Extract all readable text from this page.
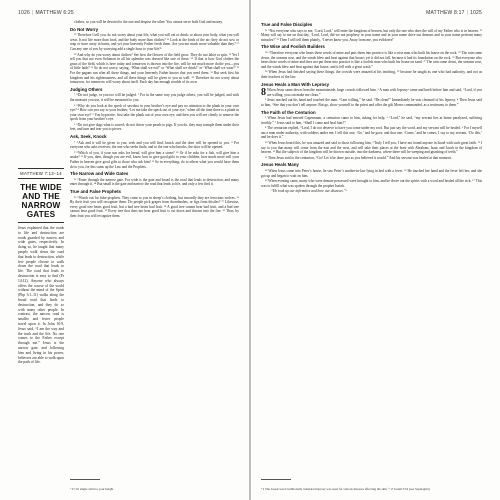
1026 | MATTHEW 6:25
MATTHEW 7:13–14
THE WIDE AND THE NARROW GATES
Jesus explained that the roads to life and destruction are roads guarded by narrow and wide gates, respectively. In doing so, he taught that many people walk down the road that leads to destruction, while few people choose to walk down the road that leads to life. The road that leads to destruction is easy to find (Pr 14:12). Anyone who always offers the course of the world without the mind of the Spirit (Php 3:1–11) walks along the broad road that leads to destruction, and they do so with many other people. In contrast, the narrow road is smaller and fewer people travel upon it. In John 10:9, Jesus said, “I am the way and the truth and the life. No one comes to the Father except through me.” Jesus is the narrow gate, and following him and living in his power, believers are able to walk upon the path of life.

clothes, so you will be devoted to the one and despise the other. You cannot serve both God and money.

Do Not Worry

²⁵ Therefore I tell you, do not worry about your life, what you will eat or drink; or about your body, what you will wear. Is not life more than food, and the body more than clothes? ²⁶ Look at the birds of the air; they do not sow or reap or store away in barns, and yet your heavenly Father feeds them. Are you not much more valuable than they? ²⁷ Can any one of you by worrying add a single hour to your life?ᵃ

²⁸ And why do you worry about clothes? See how the flowers of the field grow. They do not labor or spin. ²⁹ Yet I tell you that not even Solomon in all his splendor was dressed like one of these. ³⁰ If that is how God clothes the grass of the field, which is here today and tomorrow is thrown into the fire, will he not much more clothe you—you of little faith? ³¹ So do not worry, saying, ‘What shall we eat?’ or ‘What shall we drink?’ or ‘What shall we wear?’ ³² For the pagans run after all these things, and your heavenly Father knows that you need them. ³³ But seek first his kingdom and his righteousness, and all these things will be given to you as well. ³⁴ Therefore do not worry about tomorrow, for tomorrow will worry about itself. Each day has enough trouble of its own.

Judging Others

⁷ “Do not judge, or you too will be judged. ² For in the same way you judge others, you will be judged, and with the measure you use, it will be measured to you.

³ “Why do you look at the speck of sawdust in your brother’s eye and pay no attention to the plank in your own eye? ⁴ How can you say to your brother, ‘Let me take the speck out of your eye,’ when all the time there is a plank in your own eye? ⁵ You hypocrite, first take the plank out of your own eye, and then you will see clearly to remove the speck from your brother’s eye.

⁶ “Do not give dogs what is sacred; do not throw your pearls to pigs. If you do, they may trample them under their feet, and turn and tear you to pieces.

Ask, Seek, Knock

⁷ “Ask and it will be given to you; seek and you will find; knock and the door will be opened to you. ⁸ For everyone who asks receives; the one who seeks finds; and to the one who knocks, the door will be opened.

⁹ “Which of you, if your son asks for bread, will give him a stone? ¹⁰ Or if he asks for a fish, will give him a snake? ¹¹ If you, then, though you are evil, know how to give good gifts to your children, how much more will your Father in heaven give good gifts to those who ask him! ¹² So in everything, do to others what you would have them do to you, for this sums up the Law and the Prophets.

The Narrow and Wide Gates

¹³ “Enter through the narrow gate. For wide is the gate and broad is the road that leads to destruction, and many enter through it. ¹⁴ But small is the gate and narrow the road that leads to life, and only a few find it.

True and False Prophets

¹⁵ “Watch out for false prophets. They come to you in sheep’s clothing, but inwardly they are ferocious wolves. ¹⁶ By their fruit you will recognize them. Do people pick grapes from thornbushes, or figs from thistles? ¹⁷ Likewise, every good tree bears good fruit, but a bad tree bears bad fruit. ¹⁸ A good tree cannot bear bad fruit, and a bad tree cannot bear good fruit. ¹⁹ Every tree that does not bear good fruit is cut down and thrown into the fire. ²⁰ Thus, by their fruit you will recognize them.

ᵃ 27 Or single cubit to your height
MATTHEW 8:17 | 1025
True and False Disciples

²¹ “Not everyone who says to me, ‘Lord, Lord,’ will enter the kingdom of heaven, but only the one who does the will of my Father who is in heaven. ²² Many will say to me on that day, ‘Lord, Lord, did we not prophesy in your name and in your name drive out demons and in your name perform many miracles?’ ²³ Then I will tell them plainly, ‘I never knew you. Away from me, you evildoers!’

The Wise and Foolish Builders

²⁴ “Therefore everyone who hears these words of mine and puts them into practice is like a wise man who built his house on the rock. ²⁵ The rain came down, the streams rose, and the winds blew and beat against that house; yet it did not fall, because it had its foundation on the rock. ²⁶ But everyone who hears these words of mine and does not put them into practice is like a foolish man who built his house on sand. ²⁷ The rain came down, the streams rose, and the winds blew and beat against that house, and it fell with a great crash.”

²⁸ When Jesus had finished saying these things, the crowds were amazed at his teaching, ²⁹ because he taught as one who had authority, and not as their teachers of the law.

Jesus Heals a Man With Leprosy

8 When Jesus came down from the mountainside, large crowds followed him. ² A man with leprosyᵃ came and knelt before him and said, “Lord, if you are willing, you can make me clean.”

³ Jesus reached out his hand and touched the man. “I am willing,” he said. “Be clean!” Immediately he was cleansed of his leprosy. ⁴ Then Jesus said to him, “See that you don’t tell anyone. But go, show yourself to the priest and offer the gift Moses commanded, as a testimony to them.”

The Faith of the Centurion

⁵ When Jesus had entered Capernaum, a centurion came to him, asking for help. ⁶ “Lord,” he said, “my servant lies at home paralyzed, suffering terribly.” ⁷ Jesus said to him, “Shall I come and heal him?”

⁸ The centurion replied, “Lord, I do not deserve to have you come under my roof. But just say the word, and my servant will be healed. ⁹ For I myself am a man under authority, with soldiers under me. I tell this one, ‘Go,’ and he goes; and that one, ‘Come,’ and he comes. I say to my servant, ‘Do this,’ and he does it.”

¹⁰ When Jesus heard this, he was amazed and said to those following him, “Truly I tell you, I have not found anyone in Israel with such great faith. ¹¹ I say to you that many will come from the east and the west, and will take their places at the feast with Abraham, Isaac and Jacob in the kingdom of heaven. ¹² But the subjects of the kingdom will be thrown outside, into the darkness, where there will be weeping and gnashing of teeth.”

¹³ Then Jesus said to the centurion, “Go! Let it be done just as you believed it would.” And his servant was healed at that moment.

Jesus Heals Many

¹⁴ When Jesus came into Peter’s house, he saw Peter’s mother-in-law lying in bed with a fever. ¹⁵ He touched her hand and the fever left her, and she got up and began to wait on him.

¹⁶ When evening came, many who were demon-possessed were brought to him, and he drove out the spirits with a word and healed all the sick. ¹⁷ This was to fulfill what was spoken through the prophet Isaiah:

“He took up our infirmities and bore our diseases.”ᵇ

ᵃ 2 The Greek word traditionally translated leprosy was used for various diseases affecting the skin. ᵇ 17 Isaiah 53:4 (see Septuagint)
